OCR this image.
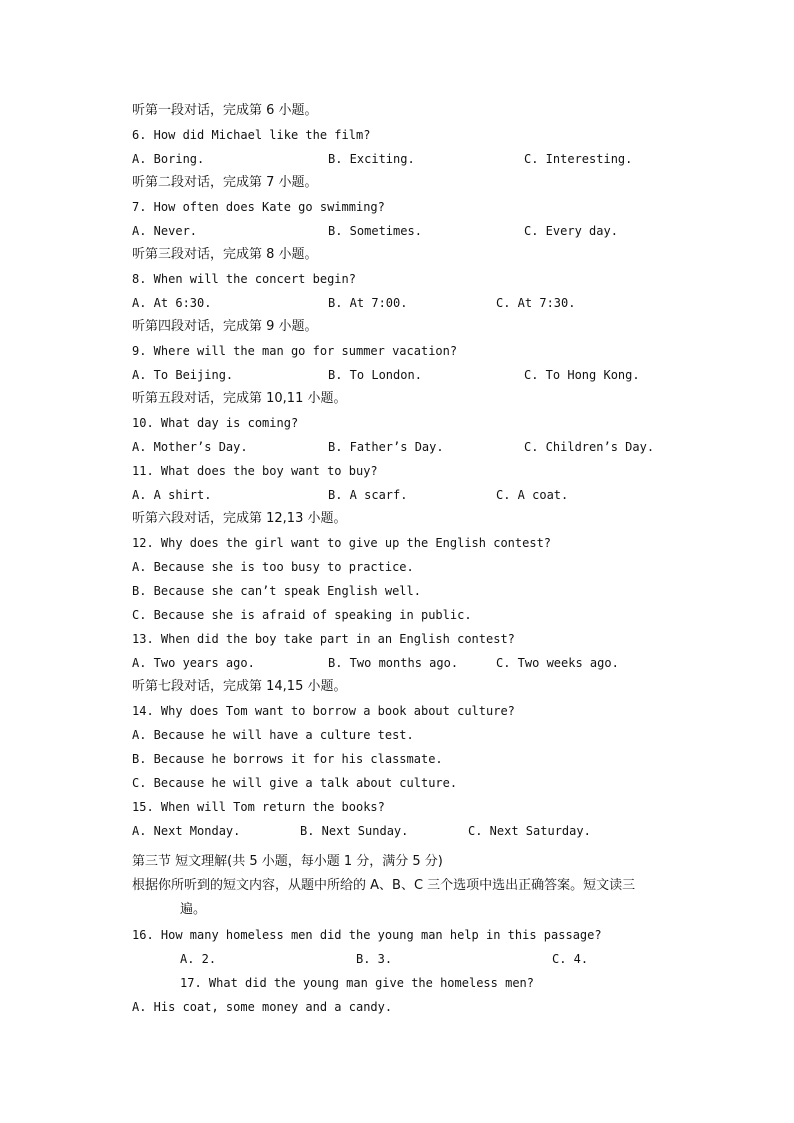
听第一段对话，完成第 6 小题。
6. How did Michael like the film?
A. Boring.	B. Exciting.	C. Interesting.
听第二段对话，完成第 7 小题。
7. How often does Kate go swimming?
A. Never.	B. Sometimes.	C. Every day.
听第三段对话，完成第 8 小题。
8. When will the concert begin?
A. At 6:30.	B. At 7:00.	C. At 7:30.
听第四段对话，完成第 9 小题。
9. Where will the man go for summer vacation?
A. To Beijing.	B. To London.	C. To Hong Kong.
听第五段对话，完成第 10,11 小题。
10. What day is coming?
A. Mother’s Day.	B. Father’s Day.	C. Children’s Day.
11. What does the boy want to buy?
A. A shirt.	B. A scarf.	C. A coat.
听第六段对话，完成第 12,13 小题。
12. Why does the girl want to give up the English contest?
A. Because she is too busy to practice.
B. Because she can’t speak English well.
C. Because she is afraid of speaking in public.
13. When did the boy take part in an English contest?
A. Two years ago.	B. Two months ago.	C. Two weeks ago.
听第七段对话，完成第 14,15 小题。
14. Why does Tom want to borrow a book about culture?
A. Because he will have a culture test.
B. Because he borrows it for his classmate.
C. Because he will give a talk about culture.
15. When will Tom return the books?
A. Next Monday.	B. Next Sunday.	C. Next Saturday.
第三节 短文理解(共 5 小题，每小题 1 分，满分 5 分)
根据你所听到的短文内容，从题中所给的 A、B、C 三个选项中选出正确答案。短文读三
遍。
16. How many homeless men did the young man help in this passage?
A. 2.	B. 3.	C. 4.
17. What did the young man give the homeless men?
A. His coat, some money and a candy.
